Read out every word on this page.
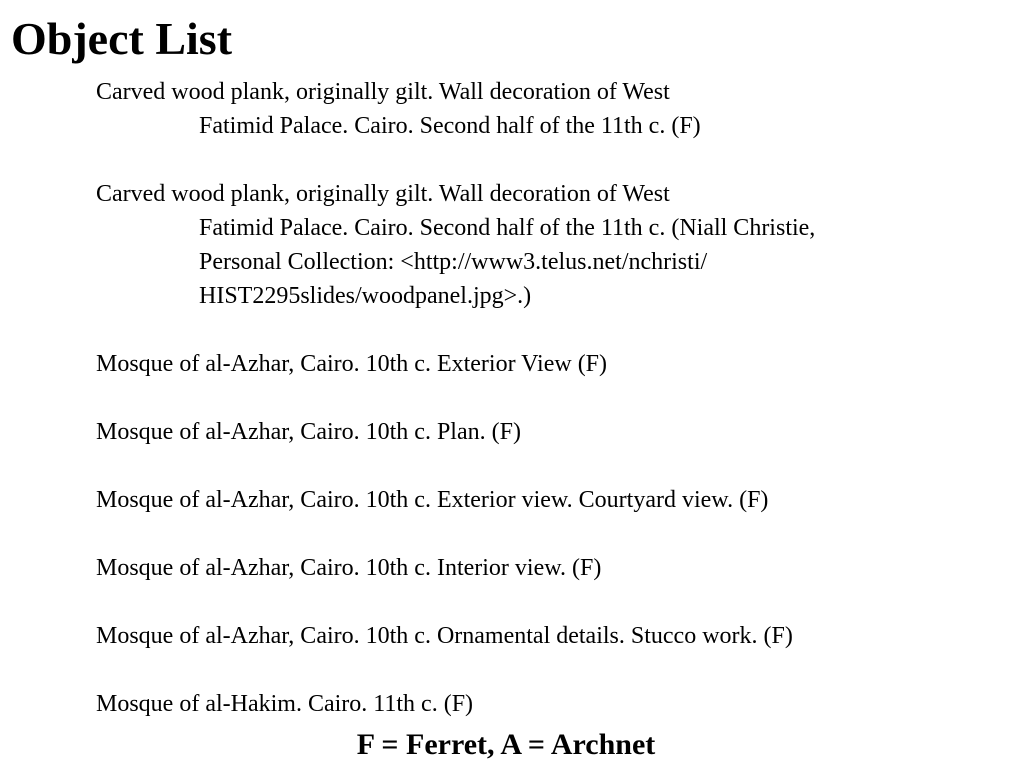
Object List
Carved wood plank, originally gilt. Wall decoration of West
Fatimid Palace. Cairo. Second half of the 11th c. (F)
Carved wood plank, originally gilt. Wall decoration of West
Fatimid Palace. Cairo. Second half of the 11th c. (Niall Christie,
Personal Collection: <http://www3.telus.net/nchristi/
HIST2295slides/woodpanel.jpg>.)
Mosque of al-Azhar, Cairo. 10th c. Exterior View (F)
Mosque of al-Azhar, Cairo. 10th c. Plan. (F)
Mosque of al-Azhar, Cairo. 10th c. Exterior view. Courtyard view. (F)
Mosque of al-Azhar, Cairo. 10th c. Interior view. (F)
Mosque of al-Azhar, Cairo. 10th c. Ornamental details. Stucco work. (F)
Mosque of al-Hakim. Cairo. 11th c. (F)
F = Ferret, A = Archnet
